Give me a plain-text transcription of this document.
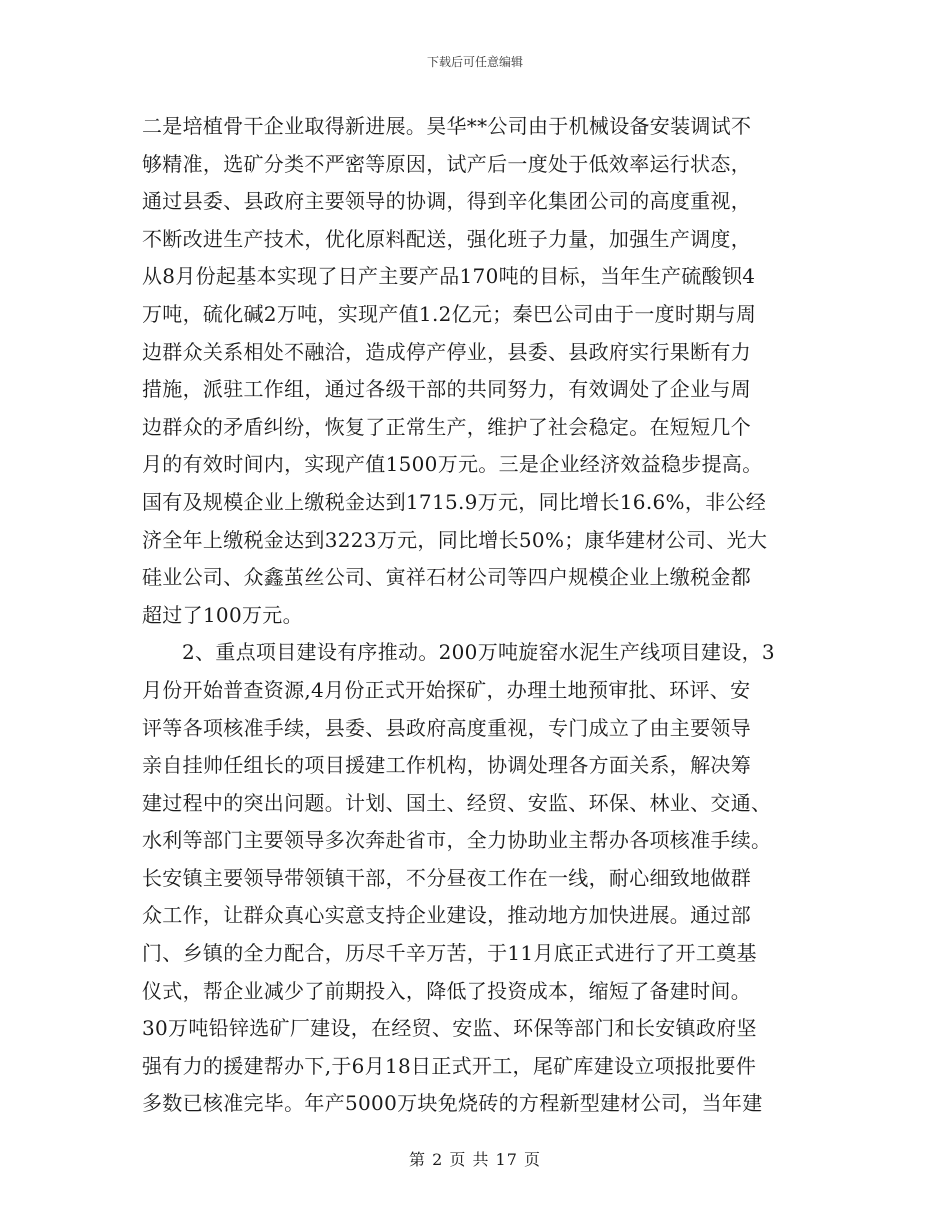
下载后可任意编辑
二是培植骨干企业取得新进展。昊华**公司由于机械设备安装调试不
够精准，选矿分类不严密等原因，试产后一度处于低效率运行状态，
通过县委、县政府主要领导的协调，得到辛化集团公司的高度重视，
不断改进生产技术，优化原料配送，强化班子力量，加强生产调度，
从8月份起基本实现了日产主要产品170吨的目标，当年生产硫酸钡4
万吨，硫化碱2万吨，实现产值1.2亿元；秦巴公司由于一度时期与周
边群众关系相处不融洽，造成停产停业，县委、县政府实行果断有力
措施，派驻工作组，通过各级干部的共同努力，有效调处了企业与周
边群众的矛盾纠纷，恢复了正常生产，维护了社会稳定。在短短几个
月的有效时间内，实现产值1500万元。三是企业经济效益稳步提高。
国有及规模企业上缴税金达到1715.9万元，同比增长16.6%，非公经
济全年上缴税金达到3223万元，同比增长50%；康华建材公司、光大
硅业公司、众鑫茧丝公司、寅祥石材公司等四户规模企业上缴税金都
超过了100万元。
2、重点项目建设有序推动。200万吨旋窑水泥生产线项目建设，3
月份开始普查资源,4月份正式开始探矿，办理土地预审批、环评、安
评等各项核准手续，县委、县政府高度重视，专门成立了由主要领导
亲自挂帅任组长的项目援建工作机构，协调处理各方面关系，解决筹
建过程中的突出问题。计划、国土、经贸、安监、环保、林业、交通、
水利等部门主要领导多次奔赴省市，全力协助业主帮办各项核准手续。
长安镇主要领导带领镇干部，不分昼夜工作在一线，耐心细致地做群
众工作，让群众真心实意支持企业建设，推动地方加快进展。通过部
门、乡镇的全力配合，历尽千辛万苦，于11月底正式进行了开工奠基
仪式，帮企业减少了前期投入，降低了投资成本，缩短了备建时间。
30万吨铅锌选矿厂建设，在经贸、安监、环保等部门和长安镇政府坚
强有力的援建帮办下,于6月18日正式开工，尾矿库建设立项报批要件
多数已核准完毕。年产5000万块免烧砖的方程新型建材公司，当年建
第 2 页 共 17 页
